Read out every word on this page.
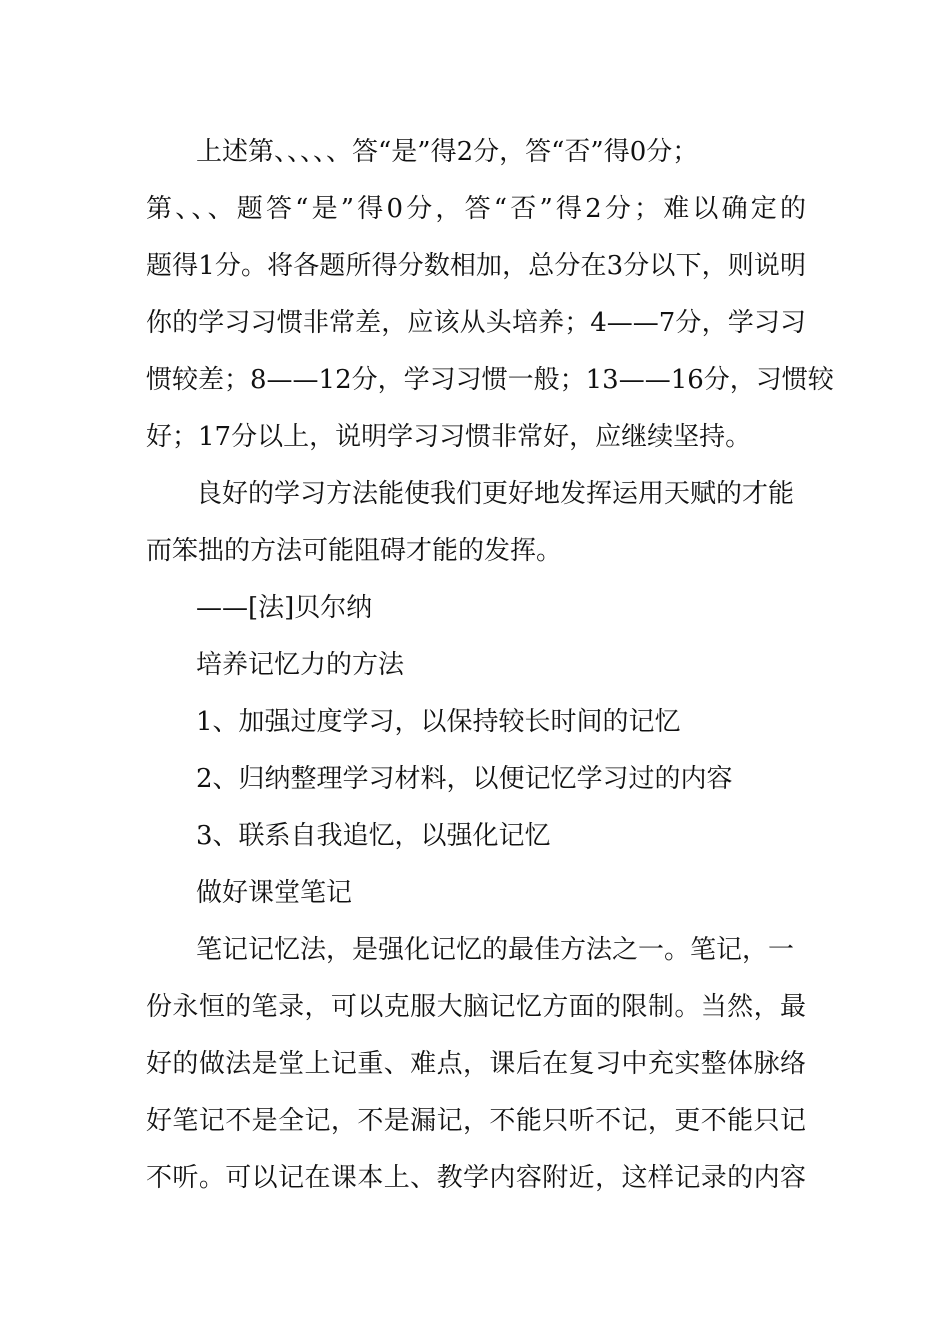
上述第、、、、、答“是”得2分，答“否”得0分；
第、、、题答“是”得0分，答“否”得2分；难以确定的
题得1分。将各题所得分数相加，总分在3分以下，则说明
你的学习习惯非常差，应该从头培养；4——7分，学习习
惯较差；8——12分，学习习惯一般；13——16分，习惯较
好；17分以上，说明学习习惯非常好，应继续坚持。
良好的学习方法能使我们更好地发挥运用天赋的才能
而笨拙的方法可能阻碍才能的发挥。
——[法]贝尔纳
培养记忆力的方法
1、加强过度学习，以保持较长时间的记忆
2、归纳整理学习材料，以便记忆学习过的内容
3、联系自我追忆，以强化记忆
做好课堂笔记
笔记记忆法，是强化记忆的最佳方法之一。笔记，一
份永恒的笔录，可以克服大脑记忆方面的限制。当然，最
好的做法是堂上记重、难点，课后在复习中充实整体脉络
好笔记不是全记，不是漏记，不能只听不记，更不能只记
不听。可以记在课本上、教学内容附近，这样记录的内容
